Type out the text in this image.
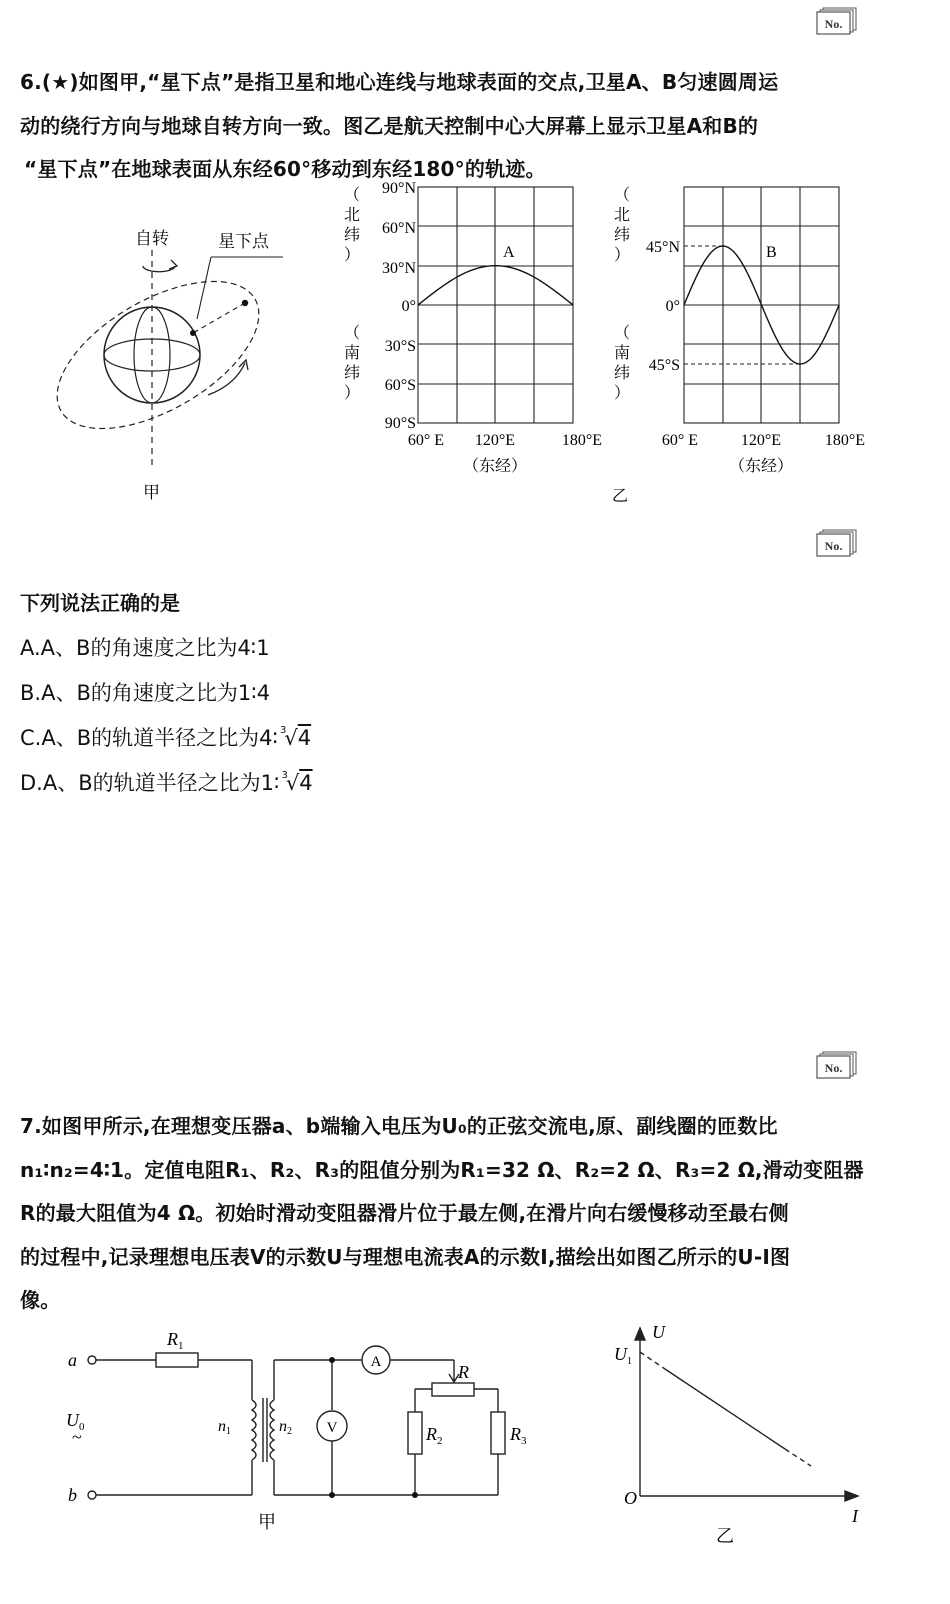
No.
No.
No.
6.(★)如图甲,“星下点”是指卫星和地心连线与地球表面的交点,卫星A、B匀速圆周运
动的绕行方向与地球自转方向一致。图乙是航天控制中心大屏幕上显示卫星A和B的
“星下点”在地球表面从东经60°移动到东经180°的轨迹。
自转	星下点
甲
A
90°N
60°N
30°N
0°
30°S
60°S
90°S
（
北
纬
）
（
南
纬
）
60° E 120°E	180°E
（东经）
B
45°N
0°
45°S
（
北
纬
）
（
南
纬
）
60° E	120°E	180°E
（东经）
乙
下列说法正确的是
A.A、B的角速度之比为4∶1
B.A、B的角速度之比为1∶4
C.A、B的轨道半径之比为4∶ $^3$√4
D.A、B的轨道半径之比为1∶ $^3$√4
7.如图甲所示,在理想变压器a、b端输入电压为U₀的正弦交流电,原、副线圈的匝数比
n₁∶n₂=4∶1。定值电阻R₁、R₂、R₃的阻值分别为R₁=32 Ω、R₂=2 Ω、R₃=2 Ω,滑动变阻器
R的最大阻值为4 Ω。初始时滑动变阻器滑片位于最左侧,在滑片向右缓慢移动至最右侧
的过程中,记录理想电压表V的示数U与理想电流表A的示数I,描绘出如图乙所示的U-I图
像。
a
b
$R_1$
$U_0$
~
n1	n2
R
$R_2$	$R_3$
A
V
甲
U
I
O
$U_1$
乙
